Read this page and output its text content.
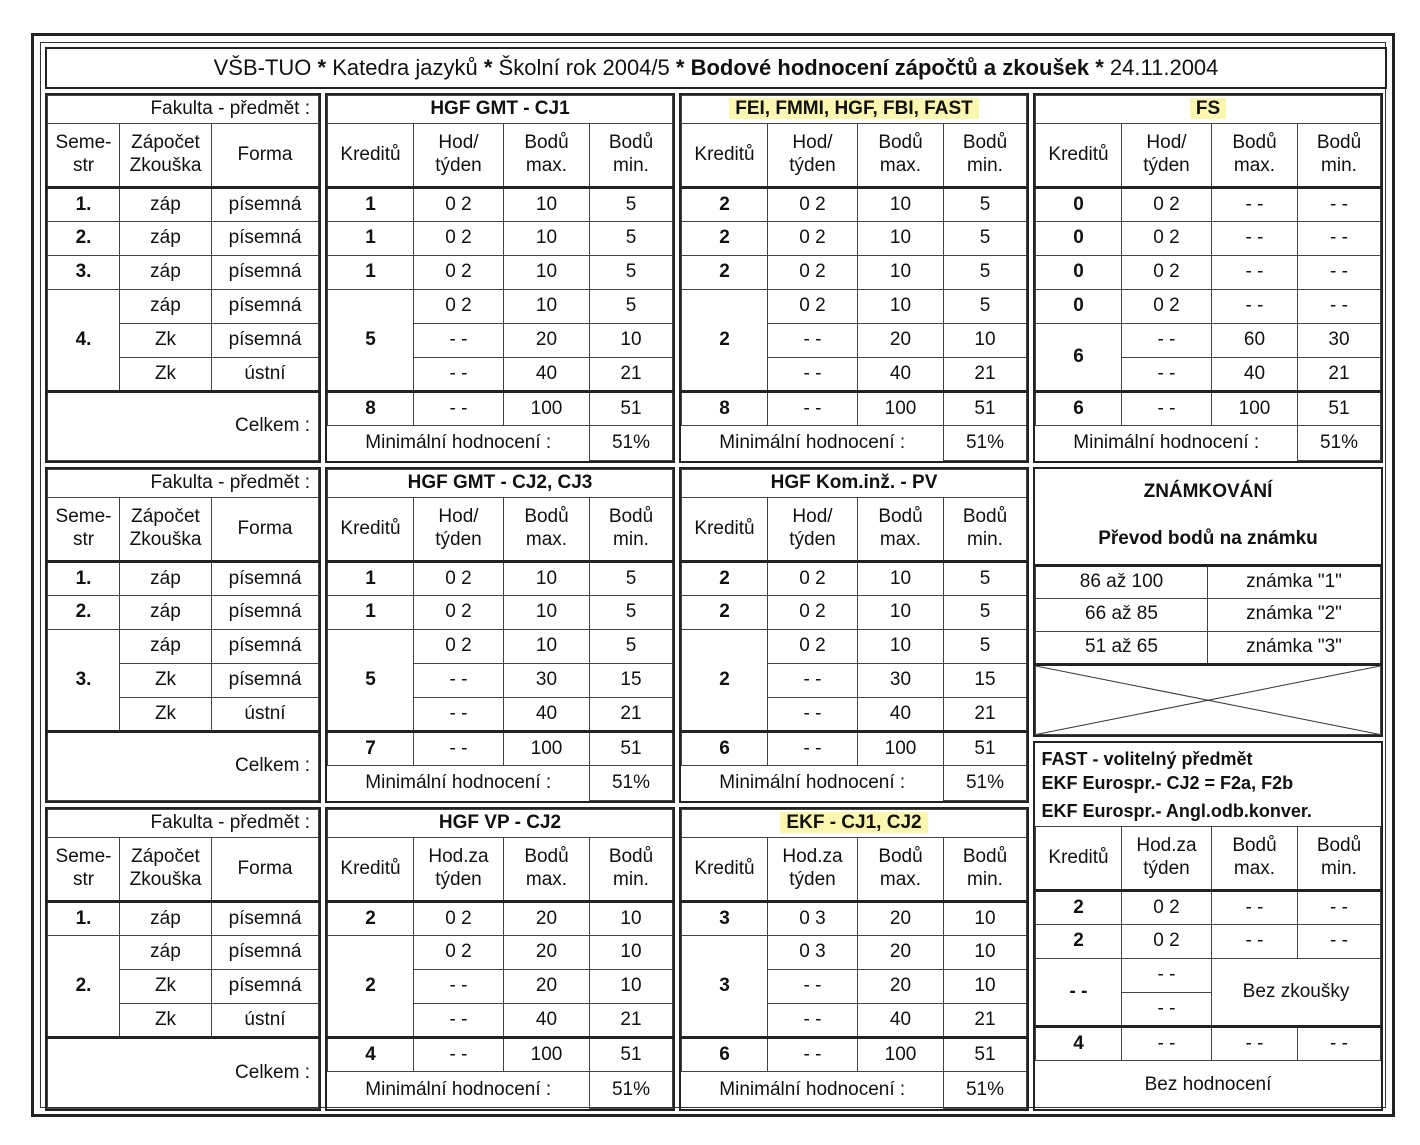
VŠB-TUO
*
Katedra jazyků
*
Školní rok 2004/5
*
Bodové hodnocení zápočtů a zkoušek
*
24.11.2004
Fakulta - předmět :		
Seme-str	Zápočet Zkouška	Forma
1.	záp	písemná
2.	záp	písemná
3.	záp	písemná
4.	záp	písemná
	Zk	písemná
	Zk	ústní
Celkem :		
HGF GMT - CJ1			
Kreditů	Hod/ týden	Bodů max.	Bodů min.
1	0 2	10	5
1	0 2	10	5
1	0 2	10	5
5	0 2	10	5
	- -	20	10
	- -	40	21
8	- -	100	51
Minimální hodnocení :			51%
FEI, FMMI, HGF, FBI, FAST			
Kreditů	Hod/ týden	Bodů max.	Bodů min.
2	0 2	10	5
2	0 2	10	5
2	0 2	10	5
2	0 2	10	5
	- -	20	10
	- -	40	21
8	- -	100	51
Minimální hodnocení :			51%
FS			
Kreditů	Hod/ týden	Bodů max.	Bodů min.
0	0 2	- -	- -
0	0 2	- -	- -
0	0 2	- -	- -
0	0 2	- -	- -
6	- -	60	30
	- -	40	21
6	- -	100	51
Minimální hodnocení :			51%
Fakulta - předmět :		
Seme-str	Zápočet Zkouška	Forma
1.	záp	písemná
2.	záp	písemná
3.	záp	písemná
	Zk	písemná
	Zk	ústní
Celkem :		
HGF GMT - CJ2, CJ3			
Kreditů	Hod/ týden	Bodů max.	Bodů min.
1	0 2	10	5
1	0 2	10	5
5	0 2	10	5
	- -	30	15
	- -	40	21
7	- -	100	51
Minimální hodnocení :			51%
HGF Kom.inž. - PV			
Kreditů	Hod/ týden	Bodů max.	Bodů min.
2	0 2	10	5
2	0 2	10	5
2	0 2	10	5
	- -	30	15
	- -	40	21
6	- -	100	51
Minimální hodnocení :			51%
ZNÁMKOVÁNÍ	
Převod bodů na známku	
86 až 100	známka "1"
66 až 85	známka "2"
51 až 65	známka "3"

Fakulta - předmět :		
Seme-str	Zápočet Zkouška	Forma
1.	záp	písemná
2.	záp	písemná
	Zk	písemná
	Zk	ústní
Celkem :		
HGF VP - CJ2			
Kreditů	Hod.za týden	Bodů max.	Bodů min.
2	0 2	20	10
2	0 2	20	10
	- -	20	10
	- -	40	21
4	- -	100	51
Minimální hodnocení :			51%
EKF - CJ1, CJ2			
Kreditů	Hod.za týden	Bodů max.	Bodů min.
3	0 3	20	10
3	0 3	20	10
	- -	20	10
	- -	40	21
6	- -	100	51
Minimální hodnocení :			51%
FAST - volitelný předmět			
EKF Eurospr.- CJ2 = F2a, F2b			
EKF Eurospr.- Angl.odb.konver.			
Kreditů	Hod.za týden	Bodů max.	Bodů min.
2	0 2	- -	- -
2	0 2	- -	- -
- -	- -	Bez zkoušky	
	- -		
4	- -	- -	- -
Bez hodnocení			
